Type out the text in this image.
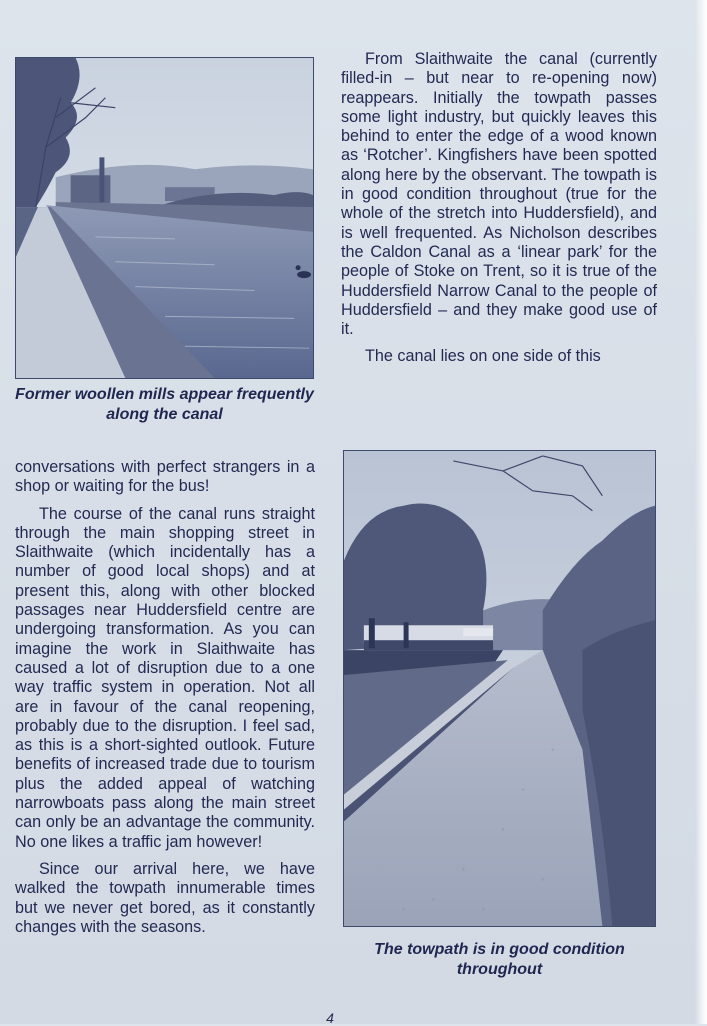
Former woollen mills appear frequently along the canal

From Slaithwaite the canal (currently filled-in – but near to re-opening now) reappears. Initially the towpath passes some light industry, but quickly leaves this behind to enter the edge of a wood known as ‘Rotcher’. Kingfishers have been spotted along here by the observant. The towpath is in good condition throughout (true for the whole of the stretch into Huddersfield), and is well frequented. As Nicholson describes the Caldon Canal as a ‘linear park’ for the people of Stoke on Trent, so it is true of the Huddersfield Narrow Canal to the people of Huddersfield – and they make good use of it.

The canal lies on one side of this

conversations with perfect strangers in a shop or waiting for the bus!

The course of the canal runs straight through the main shopping street in Slaithwaite (which incidentally has a number of good local shops) and at present this, along with other blocked passages near Huddersfield centre are undergoing transformation. As you can imagine the work in Slaithwaite has caused a lot of disruption due to a one way traffic system in operation. Not all are in favour of the canal reopening, probably due to the disruption. I feel sad, as this is a short-sighted outlook. Future benefits of increased trade due to tourism plus the added appeal of watching narrowboats pass along the main street can only be an advantage the community. No one likes a traffic jam however!

Since our arrival here, we have walked the towpath innumerable times but we never get bored, as it constantly changes with the seasons.

The towpath is in good condition throughout

4
